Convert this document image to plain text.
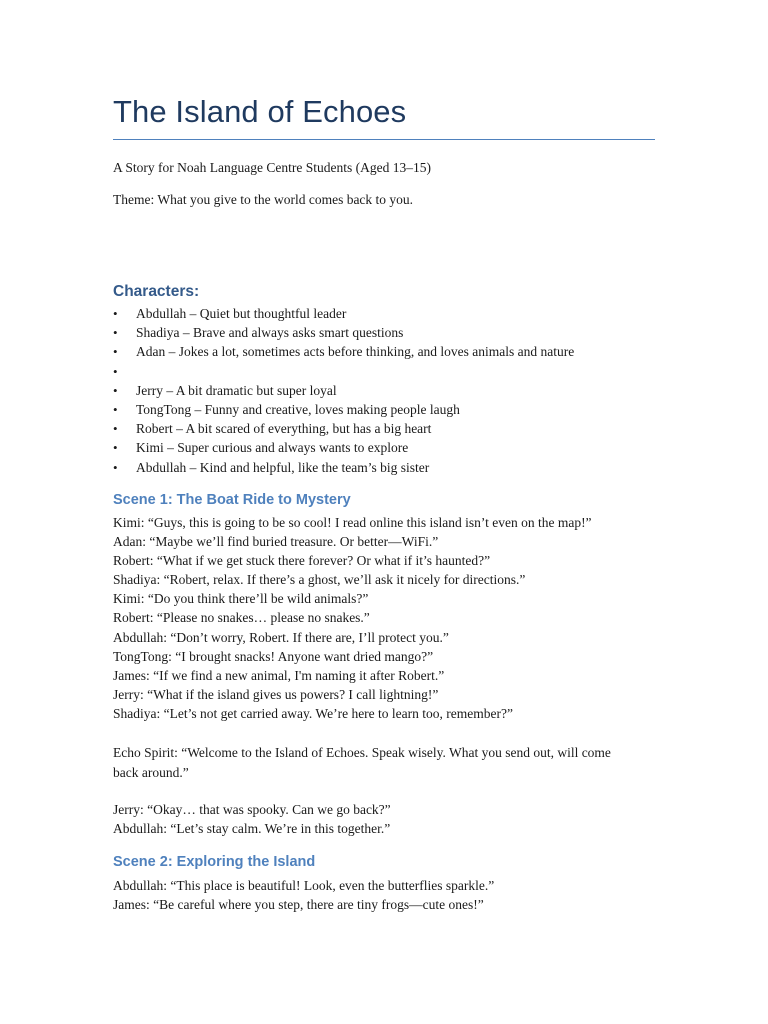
The Island of Echoes
A Story for Noah Language Centre Students (Aged 13–15)
Theme: What you give to the world comes back to you.
Characters:
• Abdullah – Quiet but thoughtful leader
• Shadiya – Brave and always asks smart questions
• Adan – Jokes a lot, sometimes acts before thinking, and loves animals and nature
•
• Jerry – A bit dramatic but super loyal
• TongTong – Funny and creative, loves making people laugh
• Robert – A bit scared of everything, but has a big heart
• Kimi – Super curious and always wants to explore
• Abdullah – Kind and helpful, like the team’s big sister
Scene 1: The Boat Ride to Mystery
Kimi: “Guys, this is going to be so cool! I read online this island isn’t even on the map!”
Adan: “Maybe we’ll find buried treasure. Or better—WiFi.”
Robert: “What if we get stuck there forever? Or what if it’s haunted?”
Shadiya: “Robert, relax. If there’s a ghost, we’ll ask it nicely for directions.”
Kimi: “Do you think there’ll be wild animals?”
Robert: “Please no snakes… please no snakes.”
Abdullah: “Don’t worry, Robert. If there are, I’ll protect you.”
TongTong: “I brought snacks! Anyone want dried mango?”
James: “If we find a new animal, I'm naming it after Robert.”
Jerry: “What if the island gives us powers? I call lightning!”
Shadiya: “Let’s not get carried away. We’re here to learn too, remember?”
Echo Spirit: “Welcome to the Island of Echoes. Speak wisely. What you send out, will come
back around.”
Jerry: “Okay… that was spooky. Can we go back?”
Abdullah: “Let’s stay calm. We’re in this together.”
Scene 2: Exploring the Island
Abdullah: “This place is beautiful! Look, even the butterflies sparkle.”
James: “Be careful where you step, there are tiny frogs—cute ones!”
